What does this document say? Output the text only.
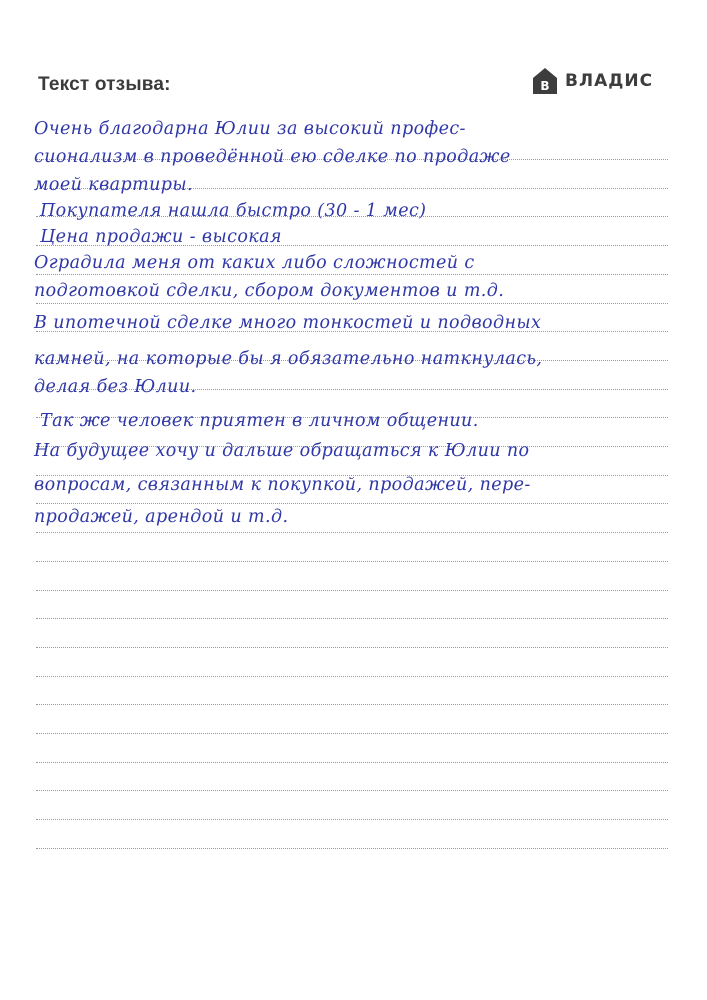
Текст отзыва:	В ВЛАДИС
Очень благодарна Юлии за высокий профес-
сионализм в проведённой ею сделке по продаже
моей квартиры.
Покупателя нашла быстро (30 - 1 мес)
Цена продажи - высокая
Оградила меня от каких либо сложностей с
подготовкой сделки, сбором документов и т.д.
В ипотечной сделке много тонкостей и подводных
камней, на которые бы я обязательно наткнулась,
делая без Юлии.
Так же человек приятен в личном общении.
На будущее хочу и дальше обращаться к Юлии по
вопросам, связанным к покупкой, продажей, пере-
продажей, арендой и т.д.
